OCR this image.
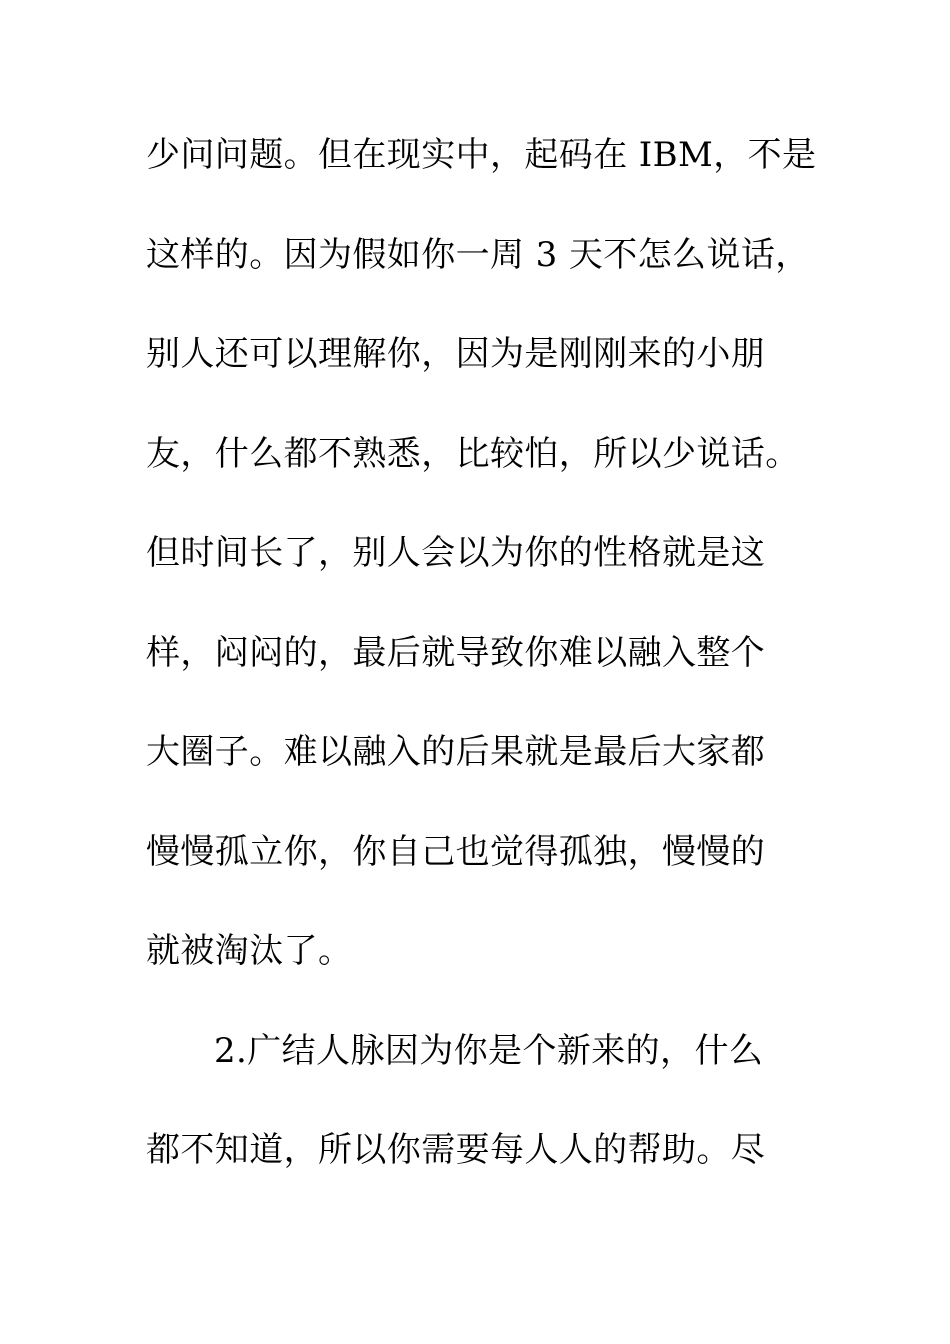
少问问题。但在现实中，起码在 IBM，不是
这样的。因为假如你一周 3 天不怎么说话，
别人还可以理解你，因为是刚刚来的小朋
友，什么都不熟悉，比较怕，所以少说话。
但时间长了，别人会以为你的性格就是这
样，闷闷的，最后就导致你难以融入整个
大圈子。难以融入的后果就是最后大家都
慢慢孤立你，你自己也觉得孤独，慢慢的
就被淘汰了。
2.广结人脉因为你是个新来的，什么
都不知道，所以你需要每人人的帮助。尽
